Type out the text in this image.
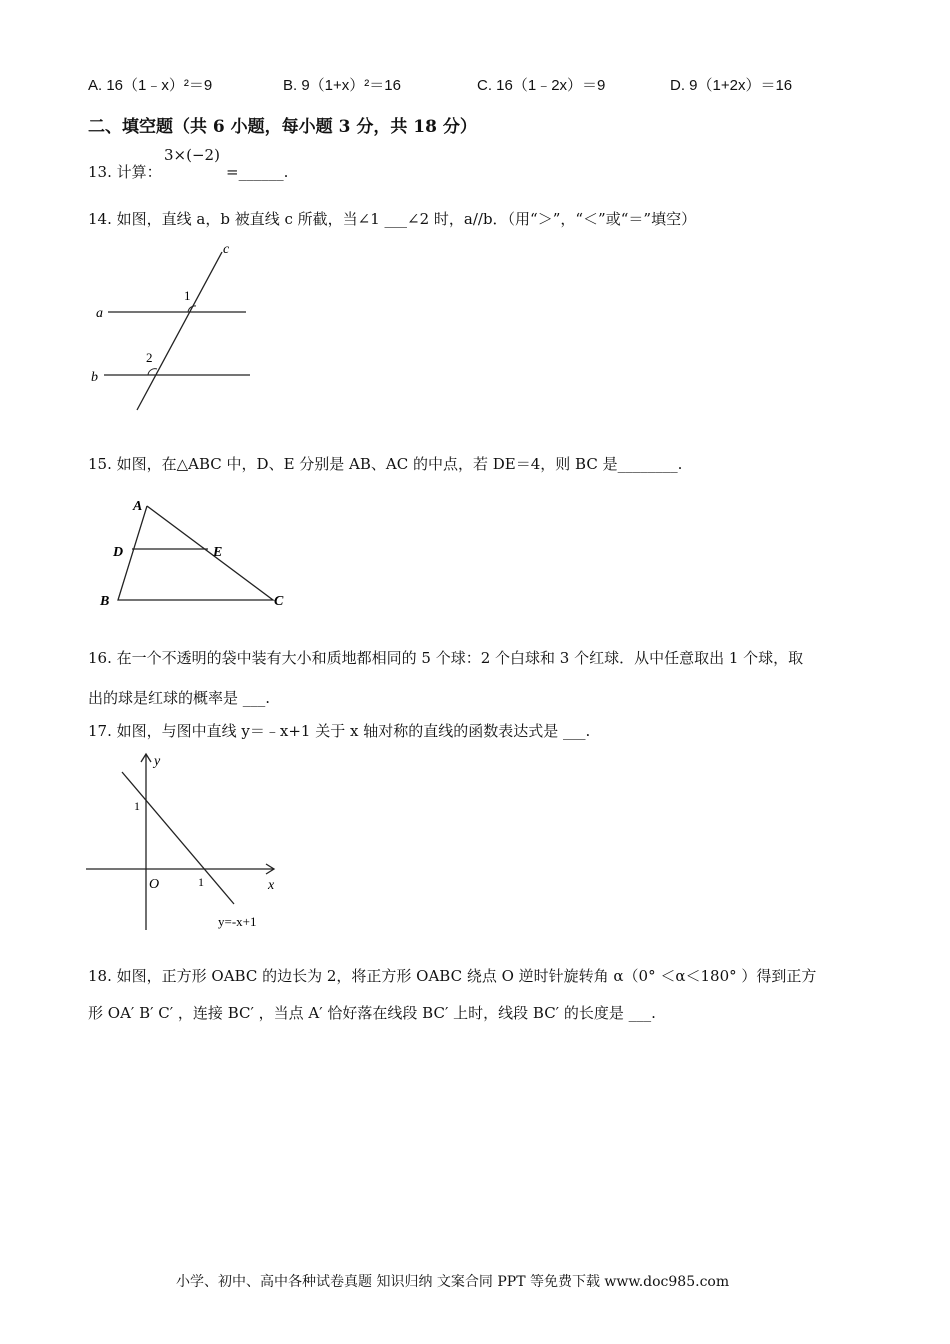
A. 16（1﹣x）²＝9	B. 9（1+x）²＝16	C. 16（1﹣2x）＝9	D. 9（1+2x）＝16
二、填空题（共 6 小题，每小题 3 分，共 18 分）
13. 计算：
3×(−2)
=______.
14. 如图，直线 a，b 被直线 c 所截，当∠1 ___∠2 时，a//b．（用“＞”，“＜”或“＝”填空）
a
b
c
1
2
15. 如图，在△ABC 中，D、E 分别是 AB、AC 的中点，若 DE＝4，则 BC 是________.
A
D	E
B	C
16. 在一个不透明的袋中装有大小和质地都相同的 5 个球：2 个白球和 3 个红球．从中任意取出 1 个球，取
出的球是红球的概率是 ___.
17. 如图，与图中直线 y＝﹣x+1 关于 x 轴对称的直线的函数表达式是 ___.
y
x
O
1
1
y=-x+1
18. 如图，正方形 OABC 的边长为 2，将正方形 OABC 绕点 O 逆时针旋转角 α（0° ＜α＜180° ）得到正方
形 OA′ B′ C′ ，连接 BC′ ，当点 A′ 恰好落在线段 BC′ 上时，线段 BC′ 的长度是 ___.
小学、初中、高中各种试卷真题 知识归纳 文案合同 PPT 等免费下载 www.doc985.com
